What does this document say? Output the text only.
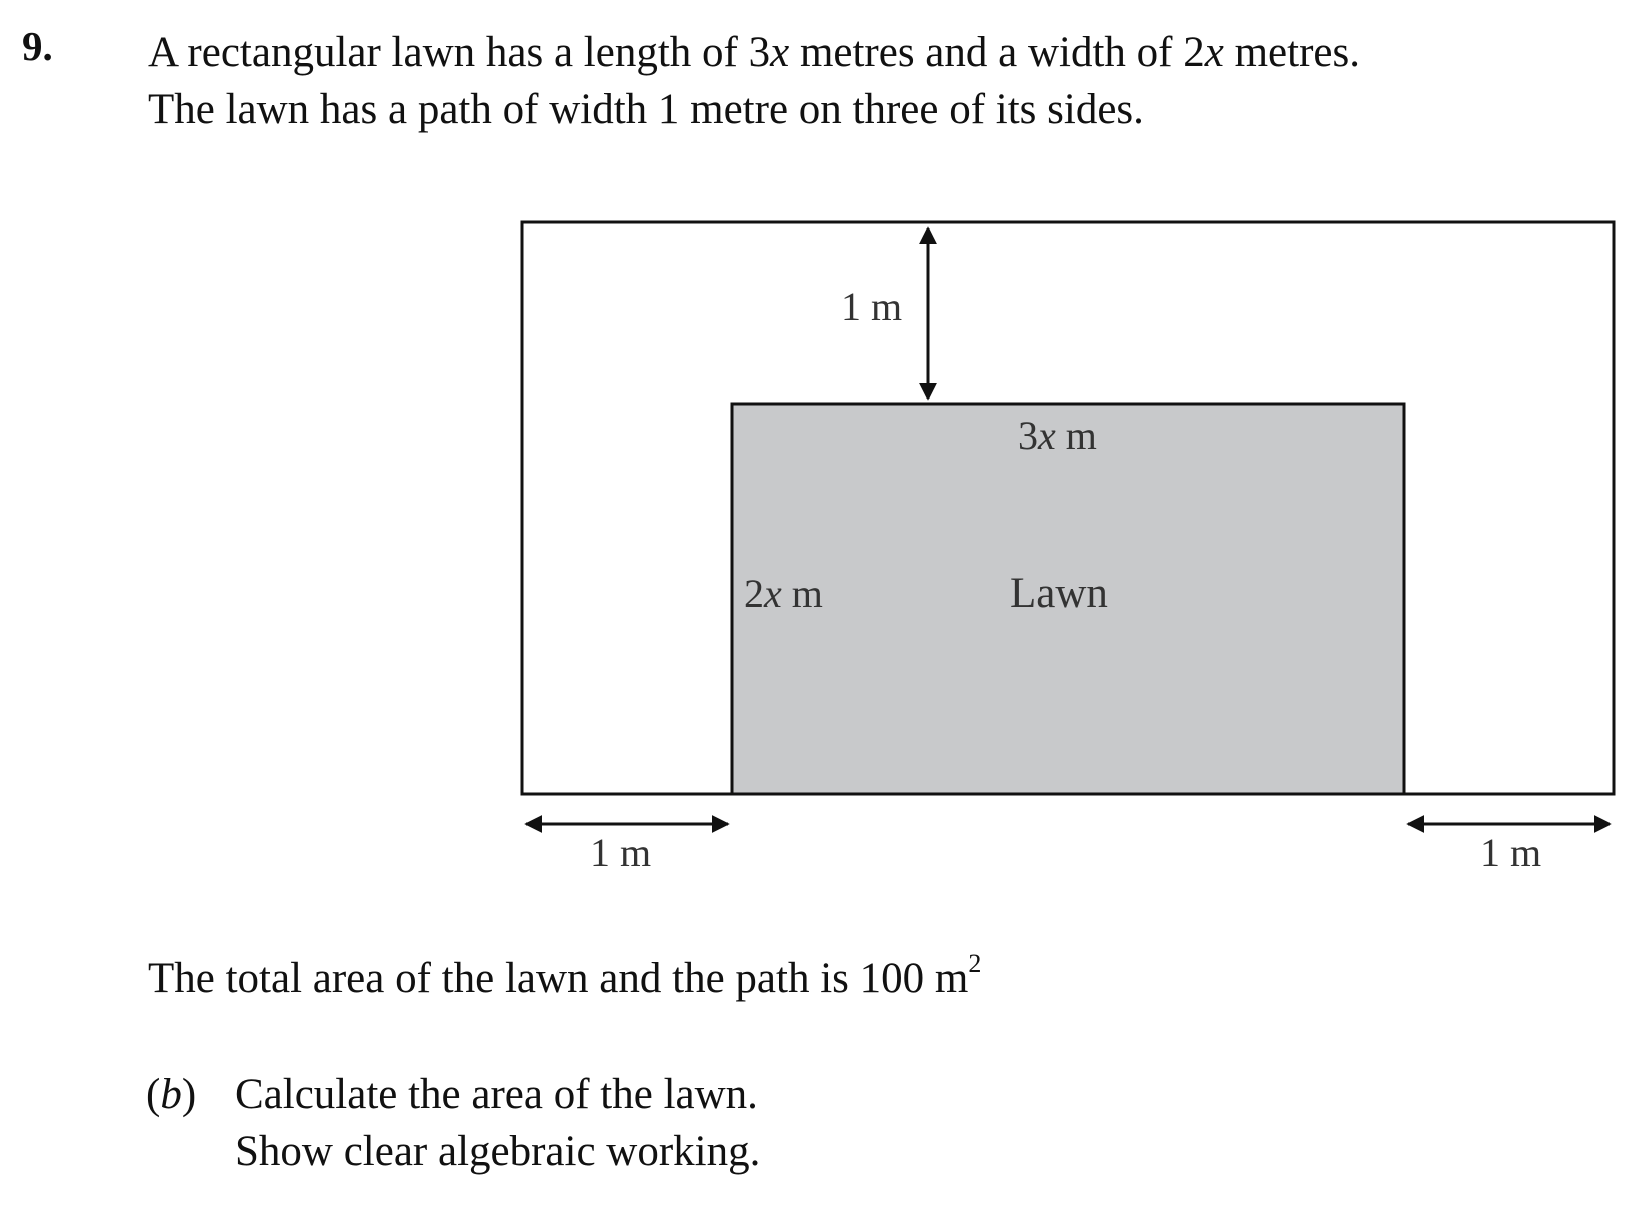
9. A rectangular lawn has a length of 3x metres and a width of 2x metres.
The lawn has a path of width 1 metre on three of its sides.
1 m
3x m
2x m	Lawn
1 m	1 m
The total area of the lawn and the path is 100 $m^2$
(b) Calculate the area of the lawn.
Show clear algebraic working.
